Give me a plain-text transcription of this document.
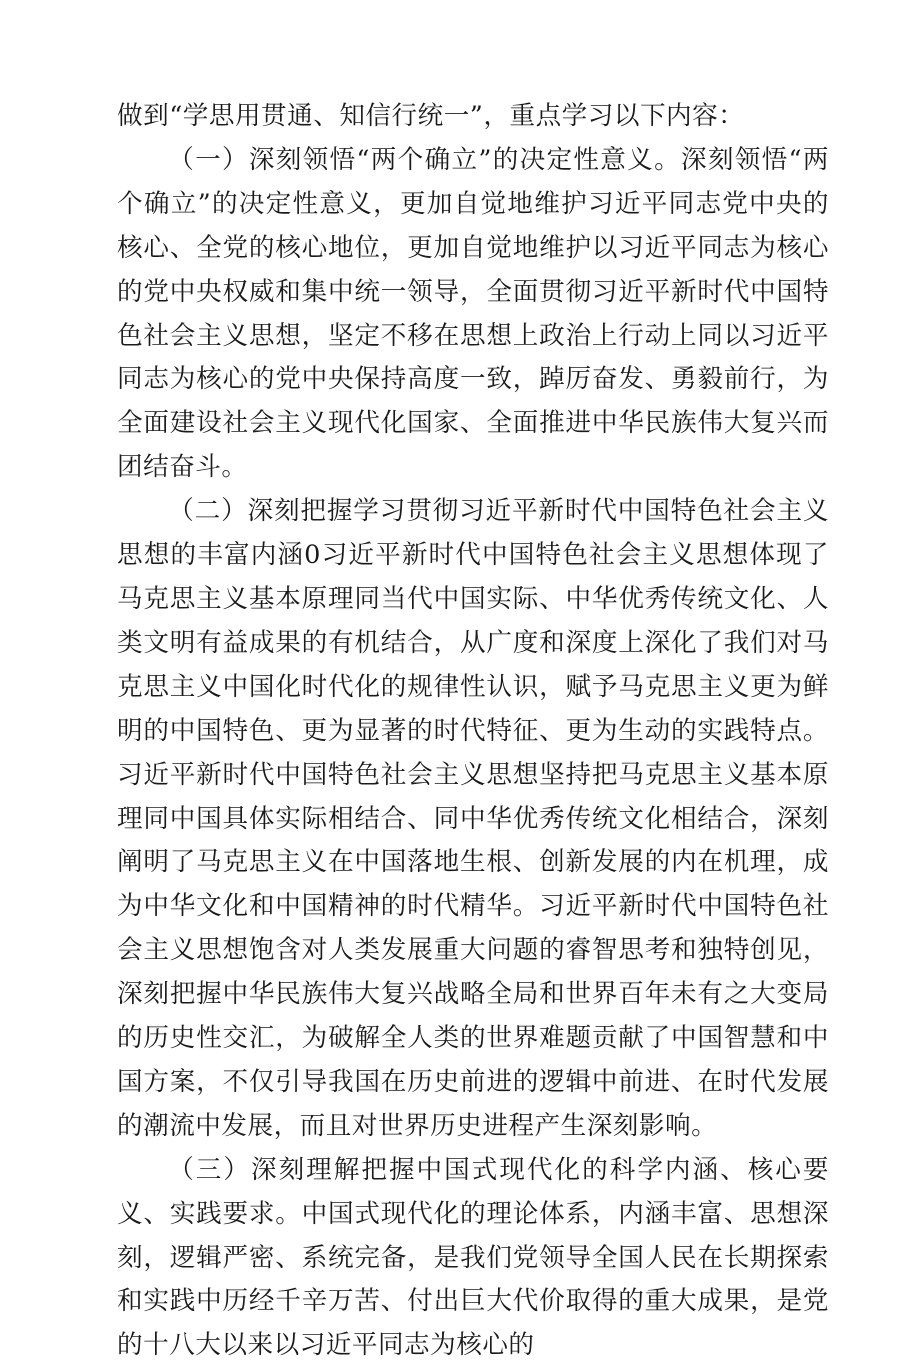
做到“学思用贯通、知信行统一”，重点学习以下内容：

（一）深刻领悟“两个确立”的决定性意义。深刻领悟“两个确立”的决定性意义，更加自觉地维护习近平同志党中央的核心、全党的核心地位，更加自觉地维护以习近平同志为核心的党中央权威和集中统一领导，全面贯彻习近平新时代中国特色社会主义思想，坚定不移在思想上政治上行动上同以习近平同志为核心的党中央保持高度一致，踔厉奋发、勇毅前行，为全面建设社会主义现代化国家、全面推进中华民族伟大复兴而团结奋斗。

（二）深刻把握学习贯彻习近平新时代中国特色社会主义思想的丰富内涵0习近平新时代中国特色社会主义思想体现了马克思主义基本原理同当代中国实际、中华优秀传统文化、人类文明有益成果的有机结合，从广度和深度上深化了我们对马克思主义中国化时代化的规律性认识，赋予马克思主义更为鲜明的中国特色、更为显著的时代特征、更为生动的实践特点。习近平新时代中国特色社会主义思想坚持把马克思主义基本原理同中国具体实际相结合、同中华优秀传统文化相结合，深刻阐明了马克思主义在中国落地生根、创新发展的内在机理，成为中华文化和中国精神的时代精华。习近平新时代中国特色社会主义思想饱含对人类发展重大问题的睿智思考和独特创见，深刻把握中华民族伟大复兴战略全局和世界百年未有之大变局的历史性交汇，为破解全人类的世界难题贡献了中国智慧和中国方案，不仅引导我国在历史前进的逻辑中前进、在时代发展的潮流中发展，而且对世界历史进程产生深刻影响。

（三）深刻理解把握中国式现代化的科学内涵、核心要义、实践要求。中国式现代化的理论体系，内涵丰富、思想深刻，逻辑严密、系统完备，是我们党领导全国人民在长期探索和实践中历经千辛万苦、付出巨大代价取得的重大成果，是党的十八大以来以习近平同志为核心的
